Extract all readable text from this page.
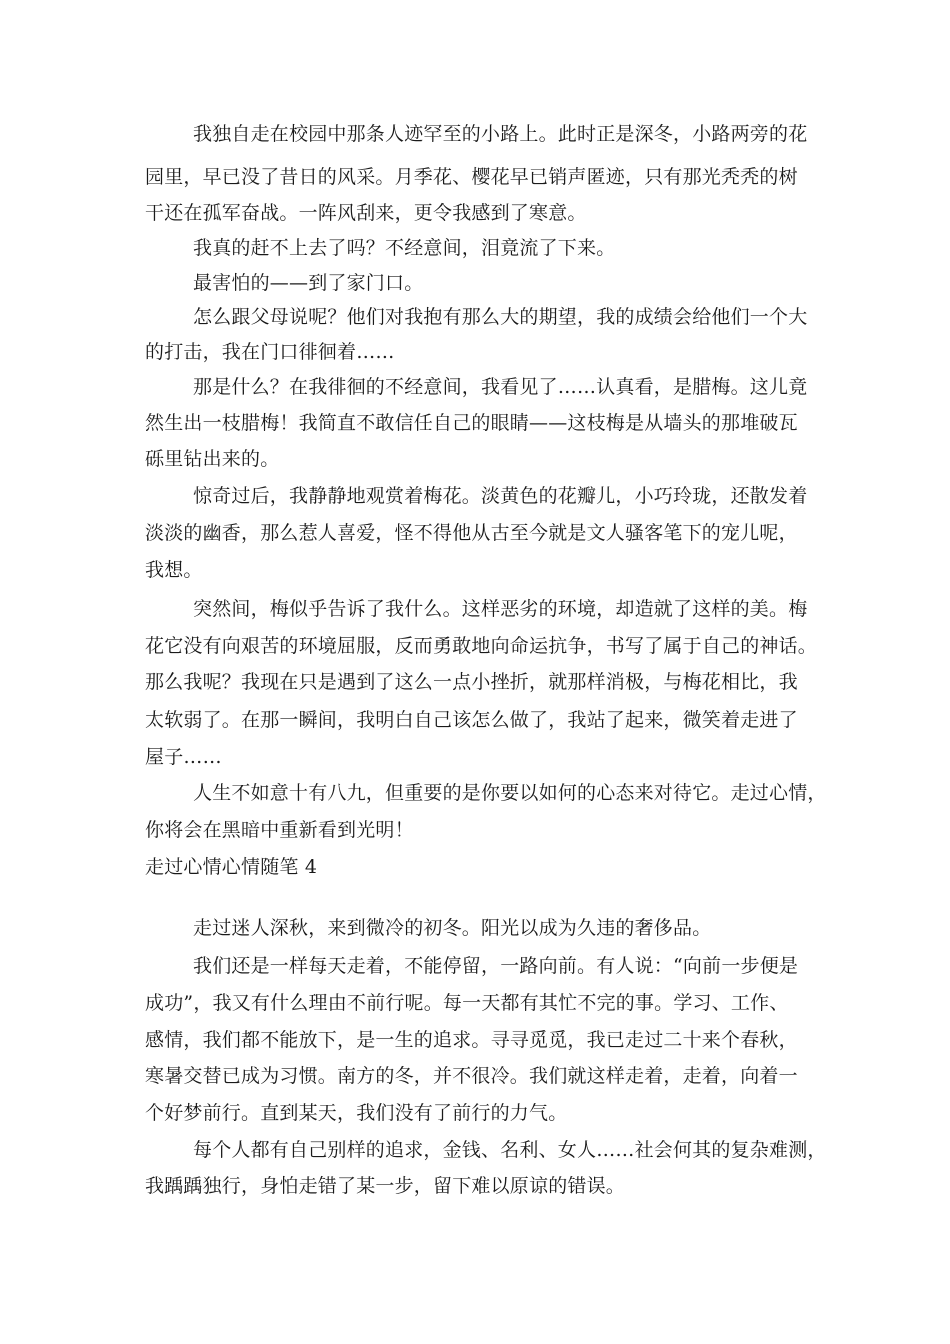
我独自走在校园中那条人迹罕至的小路上。此时正是深冬，小路两旁的花
园里，早已没了昔日的风采。月季花、樱花早已销声匿迹，只有那光秃秃的树
干还在孤军奋战。一阵风刮来，更令我感到了寒意。
我真的赶不上去了吗？不经意间，泪竟流了下来。
最害怕的——到了家门口。
怎么跟父母说呢？他们对我抱有那么大的期望，我的成绩会给他们一个大
的打击，我在门口徘徊着……
那是什么？在我徘徊的不经意间，我看见了……认真看，是腊梅。这儿竟
然生出一枝腊梅！我简直不敢信任自己的眼睛——这枝梅是从墙头的那堆破瓦
砾里钻出来的。
惊奇过后，我静静地观赏着梅花。淡黄色的花瓣儿，小巧玲珑，还散发着
淡淡的幽香，那么惹人喜爱，怪不得他从古至今就是文人骚客笔下的宠儿呢，
我想。
突然间，梅似乎告诉了我什么。这样恶劣的环境，却造就了这样的美。梅
花它没有向艰苦的环境屈服，反而勇敢地向命运抗争，书写了属于自己的神话。
那么我呢？我现在只是遇到了这么一点小挫折，就那样消极，与梅花相比，我
太软弱了。在那一瞬间，我明白自己该怎么做了，我站了起来，微笑着走进了
屋子……
人生不如意十有八九，但重要的是你要以如何的心态来对待它。走过心情，
你将会在黑暗中重新看到光明！
走过心情心情随笔 4
走过迷人深秋，来到微冷的初冬。阳光以成为久违的奢侈品。
我们还是一样每天走着，不能停留，一路向前。有人说：“向前一步便是
成功”，我又有什么理由不前行呢。每一天都有其忙不完的事。学习、工作、
感情，我们都不能放下，是一生的追求。寻寻觅觅，我已走过二十来个春秋，
寒暑交替已成为习惯。南方的冬，并不很冷。我们就这样走着，走着，向着一
个好梦前行。直到某天，我们没有了前行的力气。
每个人都有自己别样的追求，金钱、名利、女人……社会何其的复杂难测，
我踽踽独行，身怕走错了某一步，留下难以原谅的错误。
